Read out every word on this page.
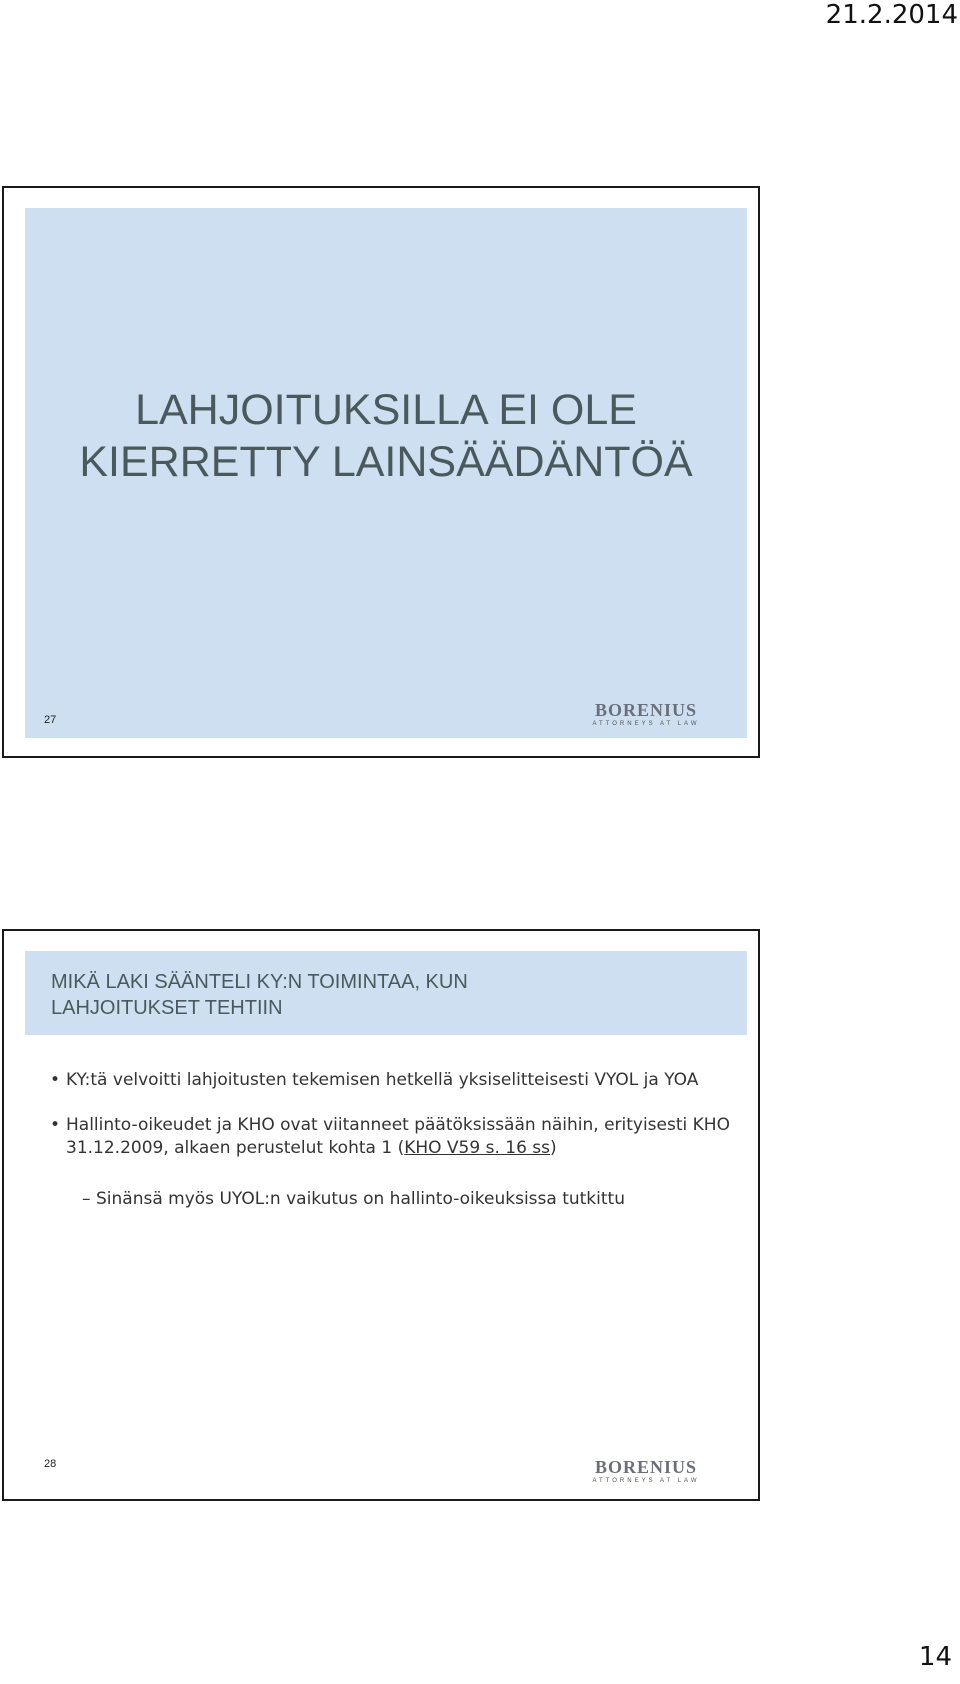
21.2.2014
LAHJOITUKSILLA EI OLE
KIERRETTY LAINSÄÄDÄNTÖÄ
27	BORENIUS
ATTORNEYS AT LAW
MIKÄ LAKI SÄÄNTELI KY:N TOIMINTAA, KUN
LAHJOITUKSET TEHTIIN
• KY:tä velvoitti lahjoitusten tekemisen hetkellä yksiselitteisesti VYOL ja YOA
• Hallinto-oikeudet ja KHO ovat viitanneet päätöksissään näihin, erityisesti KHO 31.12.2009, alkaen perustelut kohta 1 (KHO V59 s. 16 ss)
– Sinänsä myös UYOL:n vaikutus on hallinto-oikeuksissa tutkittu
28	BORENIUS
ATTORNEYS AT LAW
14
